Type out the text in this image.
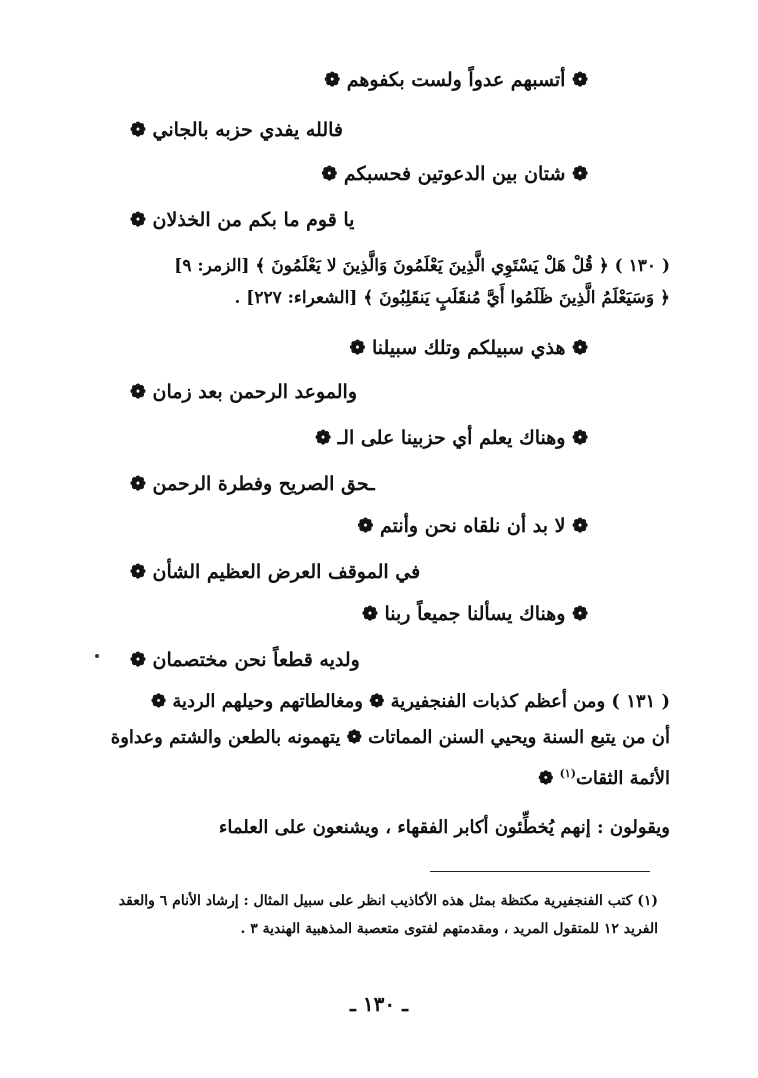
❁ أتسبهم عدواً ولست بكفوهم ❁
فالله يفدي حزبه بالجاني ❁
❁ شتان بين الدعوتين فحسبكم ❁
يا قوم ما بكم من الخذلان ❁
( ١٣٠ ) ﴿ قُلْ هَلْ يَسْتَوِي الَّذِينَ يَعْلَمُونَ وَالَّذِينَ لا يَعْلَمُونَ ﴾ [الزمر: ٩]
﴿ وَسَيَعْلَمُ الَّذِينَ ظَلَمُوا أَيَّ مُنقَلَبٍ يَنقَلِبُونَ ﴾ [الشعراء: ٢٢٧] .
❁ هذي سبيلكم وتلك سبيلنا ❁
والموعد الرحمن بعد زمان ❁
❁ وهناك يعلم أي حزبينا على الـ ❁
ـحق الصريح وفطرة الرحمن ❁
❁ لا بد أن نلقاه نحن وأنتم ❁
في الموقف العرض العظيم الشأن ❁
❁ وهناك يسألنا جميعاً ربنا ❁
ولديه قطعاً نحن مختصمان ❁
( ١٣١ ) ومن أعظم كذبات الفنجفيرية ❁ ومغالطاتهم وحيلهم الردية ❁
أن من يتبع السنة ويحيي السنن المماتات ❁ يتهمونه بالطعن والشتم وعداوة
الأئمة الثقات$^{(١)}$ ❁
ويقولون : إنهم يُخطِّئون أكابر الفقهاء ، ويشنعون على العلماء
(١) كتب الفنجفيرية مكتظة بمثل هذه الأكاذيب انظر على سبيل المثال : إرشاد الأنام ٦ والعقد
الفريد ١٢ للمتقول المريد ، ومقدمتهم لفتوى متعصبة المذهبية الهندية ٣ .
ـ ١٣٠ ـ
